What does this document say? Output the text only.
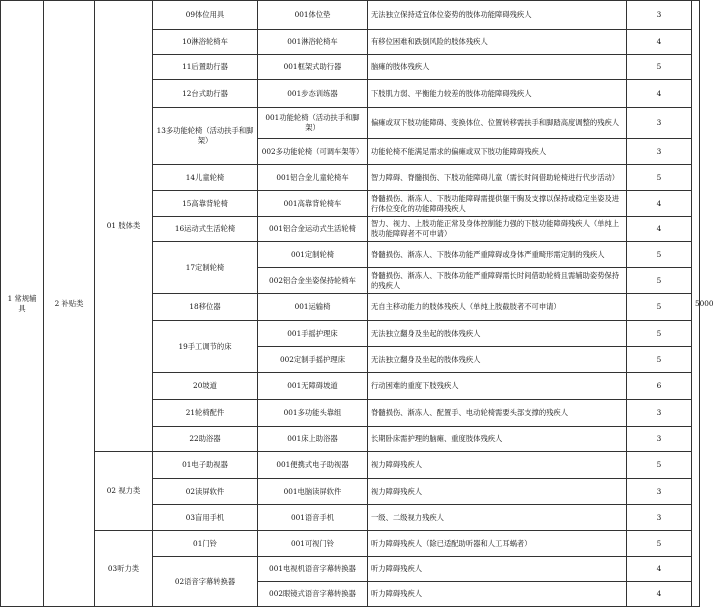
1 常规辅具	2 补贴类	01 肢体类	09体位用具	001体位垫	无法独立保持适宜体位姿势的肢体功能障碍残疾人	3	5000
			10淋浴轮椅车	001淋浴轮椅车	有移位困难和跌倒风险的肢体残疾人	4	
			11后置助行器	001框架式助行器	脑瘫的肢体残疾人	5	
			12台式助行器	001步态训练器	下肢肌力弱、平衡能力较差的肢体功能障碍残疾人	4	
			13多功能轮椅（活动扶手和脚架）	001功能轮椅（活动扶手和脚架）	偏瘫或双下肢功能障碍、变换体位、位置转移需扶手和脚踏高度调整的残疾人	3	
				002多功能轮椅（可调车架等）	功能轮椅不能满足需求的偏瘫或双下肢功能障碍残疾人	3	
			14儿童轮椅	001铝合金儿童轮椅车	智力障碍、脊髓损伤、下肢功能障碍儿童（需长时间借助轮椅进行代步活动）	5	
			15高靠背轮椅	001高靠背轮椅车	脊髓损伤、渐冻人、下肢功能障碍需提供躯干胸及支撑以保持或稳定坐姿及进行体位变化的功能障碍残疾人	4	
			16运动式生活轮椅	001铝合金运动式生活轮椅	智力、视力、上肢功能正常及身体控制能力强的下肢功能障碍残疾人（单纯上肢功能障碍者不可申请）	4	
			17定制轮椅	001定制轮椅	脊髓损伤、渐冻人、下肢体功能严重障碍或身体严重畸形需定制的残疾人	5	
				002铝合金坐姿保持轮椅车	脊髓损伤、渐冻人、下肢体功能严重障碍需长时间借助轮椅且需辅助姿势保持的残疾人	5	
			18移位器	001运输椅	无自主移动能力的肢体残疾人（单纯上肢截肢者不可申请）	5	
			19手工调节的床	001手摇护理床	无法独立翻身及坐起的肢体残疾人	5	
				002定制手摇护理床	无法独立翻身及坐起的肢体残疾人	5	
			20坡道	001无障碍坡道	行动困难的重度下肢残疾人	6	
			21轮椅配件	001多功能头靠组	脊髓损伤、渐冻人、配置手、电动轮椅需要头部支撑的残疾人	3	
			22助浴器	001床上助浴器	长期卧床需护理的脑瘫、重度肢体残疾人	3	
		02 视力类	01电子助视器	001便携式电子助视器	视力障碍残疾人	5	
			02读屏软件	001电脑读屏软件	视力障碍残疾人	3	
			03盲用手机	001语音手机	一级、二级视力残疾人	3	
		03听力类	01门铃	001可视门铃	听力障碍残疾人（除已适配助听器和人工耳蜗者）	5	
			02语音字幕转换器	001电视机语音字幕转换器	听力障碍残疾人	4	
				002眼镜式语音字幕转换器	听力障碍残疾人	4	
